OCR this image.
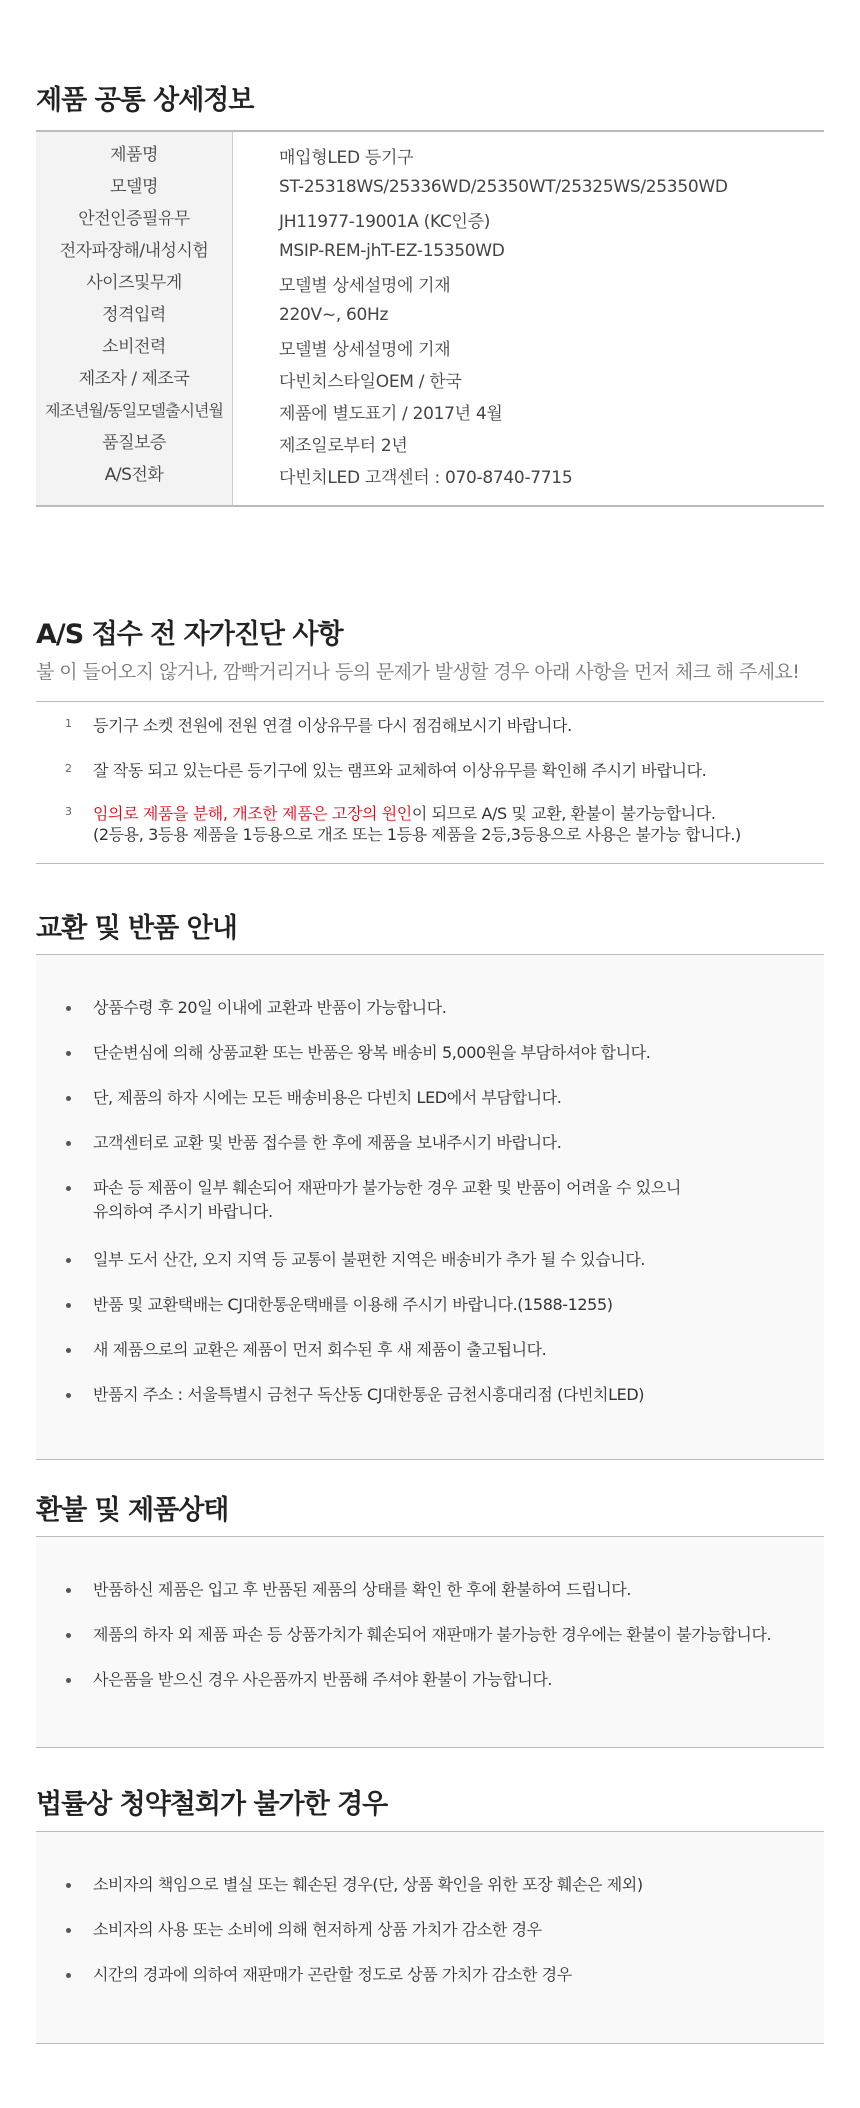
제품 공통 상세정보
제품명	매입형LED 등기구
모델명	ST-25318WS/25336WD/25350WT/25325WS/25350WD
안전인증필유무	JH11977-19001A (KC인증)
전자파장해/내성시험	MSIP-REM-jhT-EZ-15350WD
사이즈및무게	모델별 상세설명에 기재
정격입력	220V~, 60Hz
소비전력	모델별 상세설명에 기재
제조자 / 제조국	다빈치스타일OEM / 한국
제조년월/동일모델출시년월	제품에 별도표기 / 2017년 4월
품질보증	제조일로부터 2년
A/S전화	다빈치LED 고객센터 : 070-8740-7715
A/S 접수 전 자가진단 사항
불 이 들어오지 않거나, 깜빡거리거나 등의 문제가 발생할 경우 아래 사항을 먼저 체크 해 주세요!
1 등기구 소켓 전원에 전원 연결 이상유무를 다시 점검해보시기 바랍니다.
2 잘 작동 되고 있는다른 등기구에 있는 램프와 교체하여 이상유무를 확인해 주시기 바랍니다.
3 임의로 제품을 분해, 개조한 제품은 고장의 원인이 되므로 A/S 및 교환, 환불이 불가능합니다.
(2등용, 3등용 제품을 1등용으로 개조 또는 1등용 제품을 2등,3등용으로 사용은 불가능 합니다.)
교환 및 반품 안내
상품수령 후 20일 이내에 교환과 반품이 가능합니다.
단순변심에 의해 상품교환 또는 반품은 왕복 배송비 5,000원을 부담하셔야 합니다.
단, 제품의 하자 시에는 모든 배송비용은 다빈치 LED에서 부담합니다.
고객센터로 교환 및 반품 접수를 한 후에 제품을 보내주시기 바랍니다.
파손 등 제품이 일부 훼손되어 재판마가 불가능한 경우 교환 및 반품이 어려울 수 있으니
유의하여 주시기 바랍니다.
일부 도서 산간, 오지 지역 등 교통이 불편한 지역은 배송비가 추가 될 수 있습니다.
반품 및 교환택배는 CJ대한통운택배를 이용해 주시기 바랍니다.(1588-1255)
새 제품으로의 교환은 제품이 먼저 회수된 후 새 제품이 출고됩니다.
반품지 주소 : 서울특별시 금천구 독산동 CJ대한통운 금천시흥대리점 (다빈치LED)
환불 및 제품상태
반품하신 제품은 입고 후 반품된 제품의 상태를 확인 한 후에 환불하여 드립니다.
제품의 하자 외 제품 파손 등 상품가치가 훼손되어 재판매가 불가능한 경우에는 환불이 불가능합니다.
사은품을 받으신 경우 사은품까지 반품해 주셔야 환불이 가능합니다.
법률상 청약철회가 불가한 경우
소비자의 책임으로 별실 또는 훼손된 경우(단, 상품 확인을 위한 포장 훼손은 제외)
소비자의 사용 또는 소비에 의해 현저하게 상품 가치가 감소한 경우
시간의 경과에 의하여 재판매가 곤란할 정도로 상품 가치가 감소한 경우
